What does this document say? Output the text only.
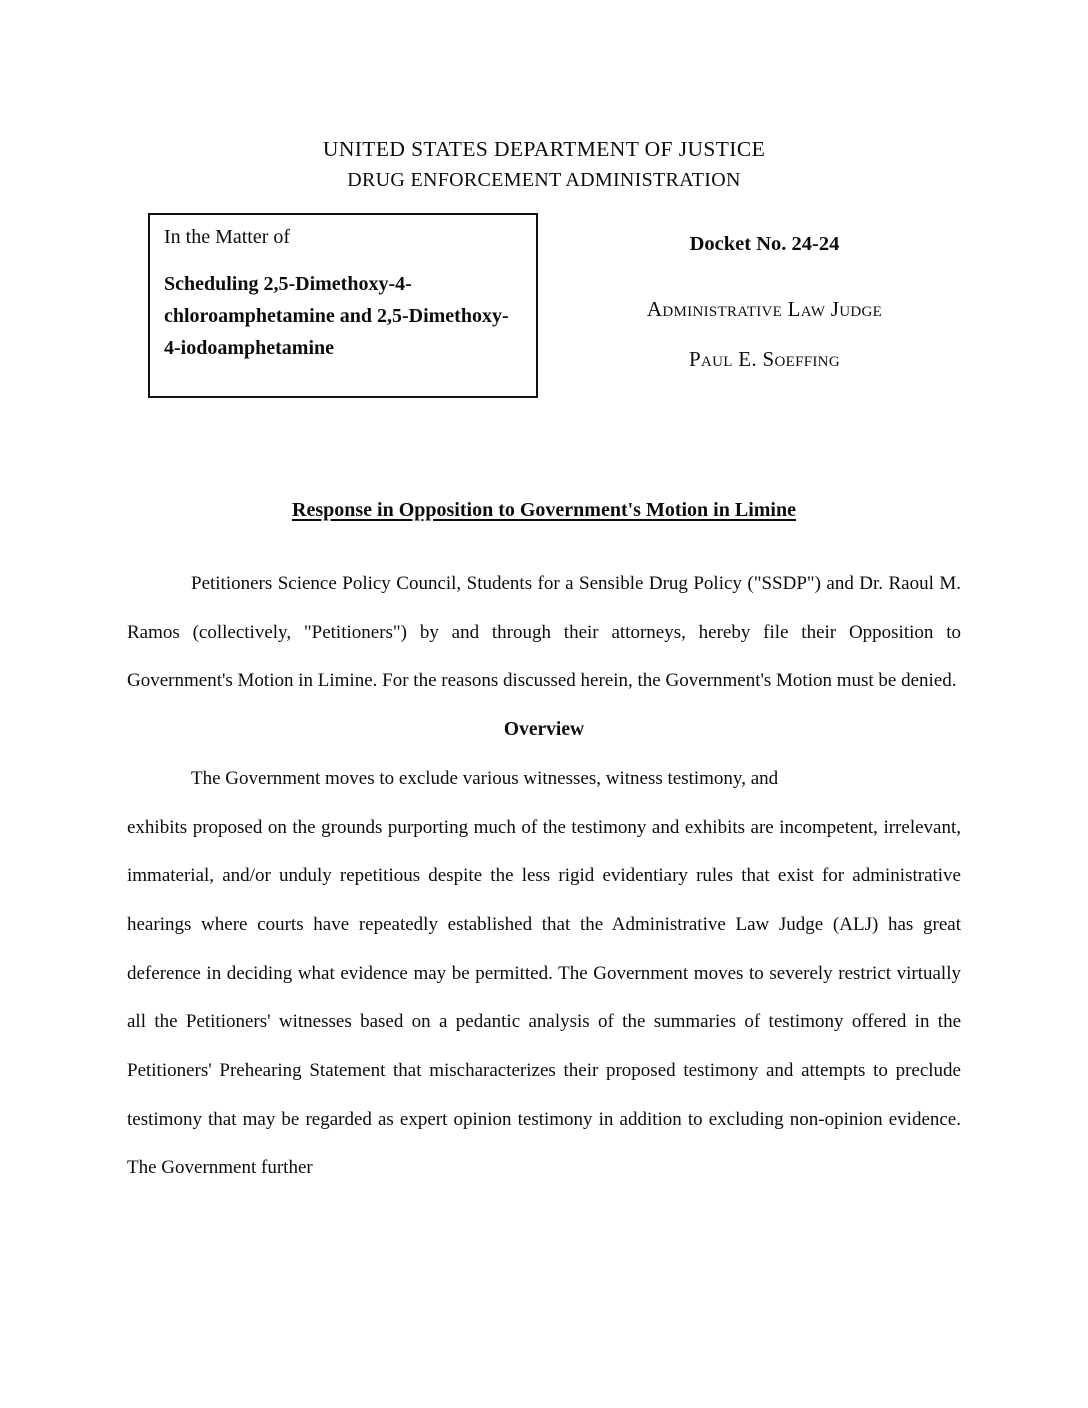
UNITED STATES DEPARTMENT OF JUSTICE
DRUG ENFORCEMENT ADMINISTRATION
In the Matter of
Scheduling 2,5-Dimethoxy-4-chloroamphetamine and 2,5-Dimethoxy-4-iodoamphetamine
Docket No. 24-24
Administrative Law Judge
Paul E. Soeffing
Response in Opposition to Government's Motion in Limine

Petitioners Science Policy Council, Students for a Sensible Drug Policy ("SSDP") and Dr. Raoul M. Ramos (collectively, "Petitioners") by and through their attorneys, hereby file their Opposition to Government's Motion in Limine. For the reasons discussed herein, the Government's Motion must be denied.

Overview
The Government moves to exclude various witnesses, witness testimony, and

exhibits proposed on the grounds purporting much of the testimony and exhibits are incompetent, irrelevant, immaterial, and/or unduly repetitious despite the less rigid evidentiary rules that exist for administrative hearings where courts have repeatedly established that the Administrative Law Judge (ALJ) has great deference in deciding what evidence may be permitted. The Government moves to severely restrict virtually all the Petitioners' witnesses based on a pedantic analysis of the summaries of testimony offered in the Petitioners' Prehearing Statement that mischaracterizes their proposed testimony and attempts to preclude testimony that may be regarded as expert opinion testimony in addition to excluding non-opinion evidence. The Government further
